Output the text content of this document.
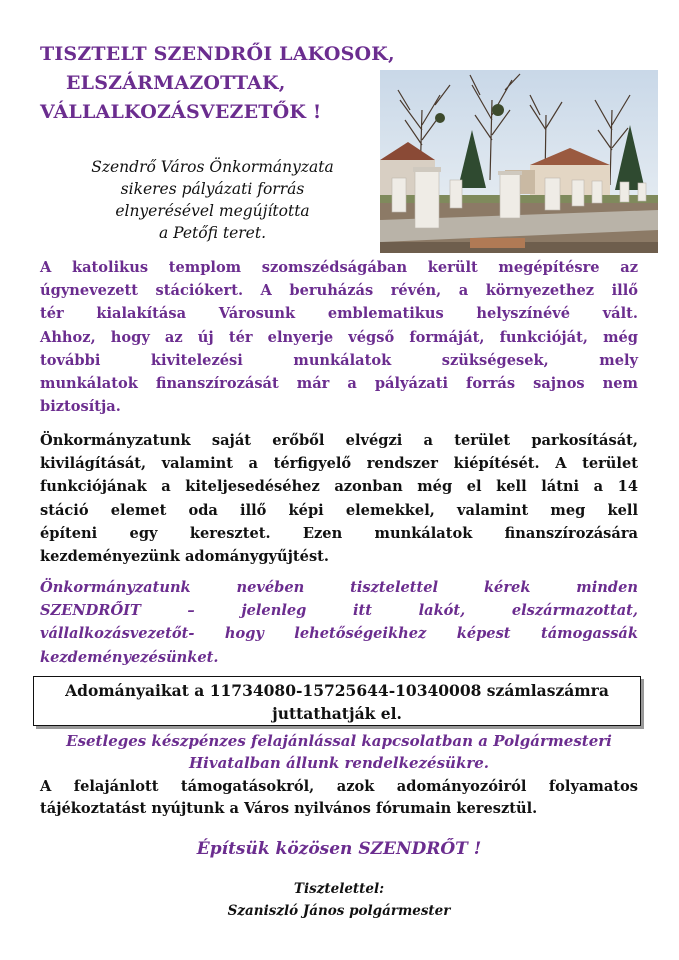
TISZTELT SZENDRŐI LAKOSOK,
ELSZÁRMAZOTTAK,
VÁLLALKOZÁSVEZETŐK !
Szendrő Város Önkormányzata
sikeres pályázati forrás
elnyerésével megújította
a Petőfi teret.
A katolikus templom szomszédságában került megépítésre az
úgynevezett stációkert. A beruházás révén, a környezethez illő
tér kialakítása Városunk emblematikus helyszínévé vált.
Ahhoz, hogy az új tér elnyerje végső formáját, funkcióját, még
további kivitelezési munkálatok szükségesek, mely
munkálatok finanszírozását már a pályázati forrás sajnos nem
biztosítja.
Önkormányzatunk saját erőből elvégzi a terület parkosítását,
kivilágítását, valamint a térfigyelő rendszer kiépítését. A terület
funkciójának a kiteljesedéséhez azonban még el kell látni a 14
stáció elemet oda illő képi elemekkel, valamint meg kell
építeni egy keresztet. Ezen munkálatok finanszírozására
kezdeményezünk adománygyűjtést.
Önkormányzatunk nevében tisztelettel kérek minden
SZENDRŐIT – jelenleg itt lakót, elszármazottat,
vállalkozásvezetőt- hogy lehetőségeikhez képest támogassák
kezdeményezésünket.
Adományaikat a 11734080-15725644-10340008 számlaszámra
juttathatják el.
Esetleges készpénzes felajánlással kapcsolatban a Polgármesteri
Hivatalban állunk rendelkezésükre.
A felajánlott támogatásokról, azok adományozóiról folyamatos
tájékoztatást nyújtunk a Város nyilvános fórumain keresztül.
Építsük közösen SZENDRŐT !
Tisztelettel:
Szaniszló János polgármester
